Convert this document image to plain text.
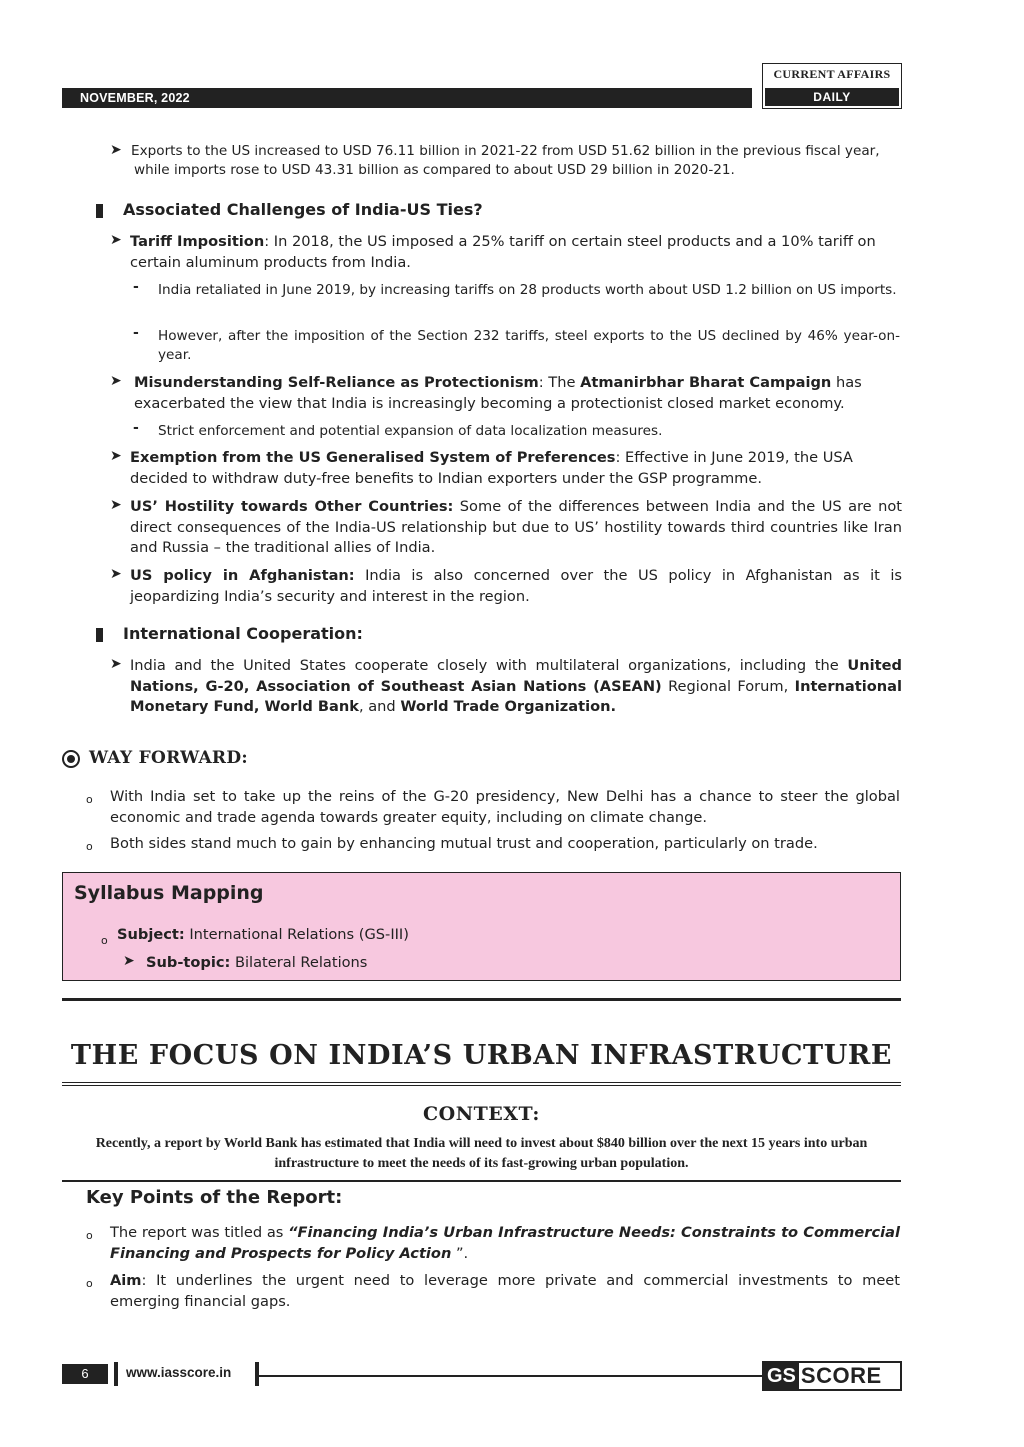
NOVEMBER, 2022
CURRENT AFFAIRS
DAILY
➤ Exports to the US increased to USD 76.11 billion in 2021-22 from USD 51.62 billion in the previous fiscal year, while imports rose to USD 43.31 billion as compared to about USD 29 billion in 2020-21.
Associated Challenges of India-US Ties?
➤ Tariff Imposition: In 2018, the US imposed a 25% tariff on certain steel products and a 10% tariff on certain aluminum products from India.
- India retaliated in June 2019, by increasing tariffs on 28 products worth about USD 1.2 billion on US imports.
- However, after the imposition of the Section 232 tariffs, steel exports to the US declined by 46% year-on-year.
➤ Misunderstanding Self-Reliance as Protectionism: The Atmanirbhar Bharat Campaign has exacerbated the view that India is increasingly becoming a protectionist closed market economy.
- Strict enforcement and potential expansion of data localization measures.
➤ Exemption from the US Generalised System of Preferences: Effective in June 2019, the USA decided to withdraw duty-free benefits to Indian exporters under the GSP programme.
➤ US’ Hostility towards Other Countries: Some of the differences between India and the US are not direct consequences of the India-US relationship but due to US’ hostility towards third countries like Iran and Russia – the traditional allies of India.
➤ US policy in Afghanistan: India is also concerned over the US policy in Afghanistan as it is jeopardizing India’s security and interest in the region.
International Cooperation:
➤ India and the United States cooperate closely with multilateral organizations, including the United Nations, G-20, Association of Southeast Asian Nations (ASEAN) Regional Forum, International Monetary Fund, World Bank, and World Trade Organization.
WAY FORWARD:
o With India set to take up the reins of the G-20 presidency, New Delhi has a chance to steer the global economic and trade agenda towards greater equity, including on climate change.
o Both sides stand much to gain by enhancing mutual trust and cooperation, particularly on trade.
Syllabus Mapping
o Subject: International Relations (GS-III)
➤ Sub-topic: Bilateral Relations
THE FOCUS ON INDIA’S URBAN INFRASTRUCTURE
CONTEXT:
Recently, a report by World Bank has estimated that India will need to invest about $840 billion over the next 15 years into urban infrastructure to meet the needs of its fast-growing urban population.
Key Points of the Report:
o The report was titled as “Financing India’s Urban Infrastructure Needs: Constraints to Commercial Financing and Prospects for Policy Action ”.
o Aim: It underlines the urgent need to leverage more private and commercial investments to meet emerging financial gaps.
6	www.iasscore.in	GS SCORE
